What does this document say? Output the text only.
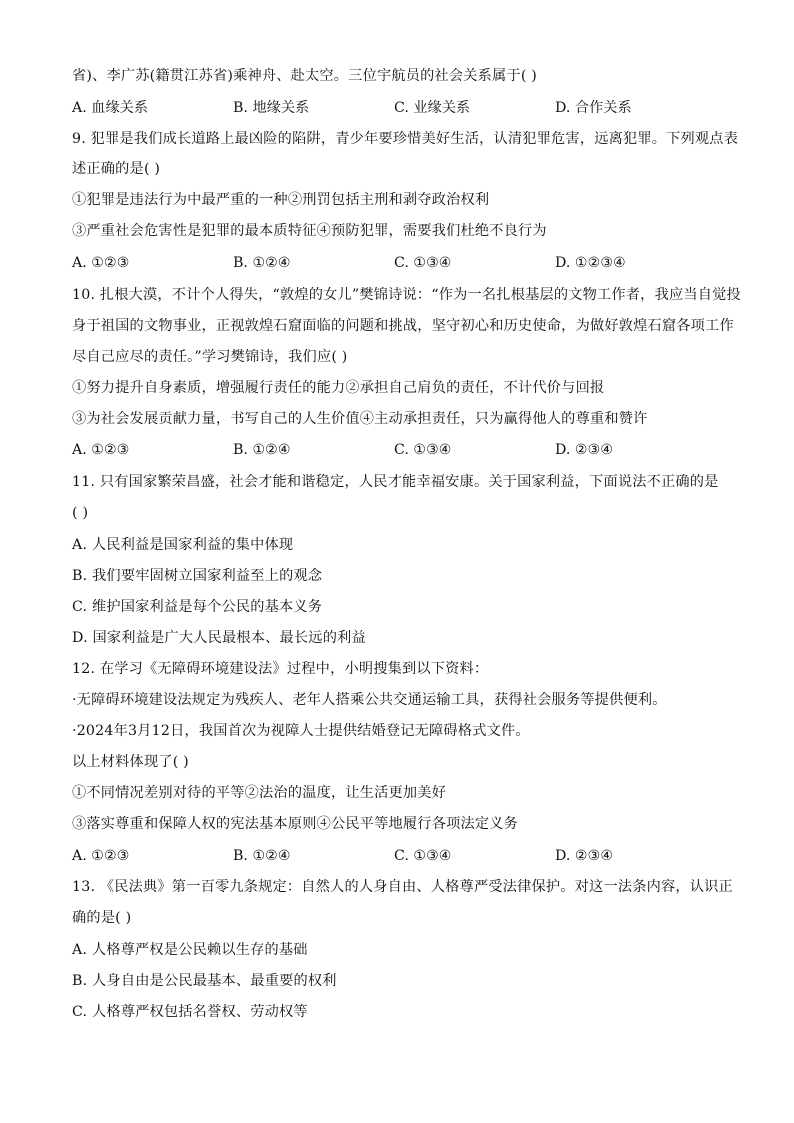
省)、李广苏(籍贯江苏省)乘神舟、赴太空。三位宇航员的社会关系属于( )
A. 血缘关系	B. 地缘关系	C. 业缘关系	D. 合作关系
9. 犯罪是我们成长道路上最凶险的陷阱，青少年要珍惜美好生活，认清犯罪危害，远离犯罪。下列观点表
述正确的是( )
①犯罪是违法行为中最严重的一种②刑罚包括主刑和剥夺政治权利
③严重社会危害性是犯罪的最本质特征④预防犯罪，需要我们杜绝不良行为
A. ①②③	B. ①②④	C. ①③④	D. ①②③④
10. 扎根大漠，不计个人得失，“敦煌的女儿”樊锦诗说：“作为一名扎根基层的文物工作者，我应当自觉投
身于祖国的文物事业，正视敦煌石窟面临的问题和挑战，坚守初心和历史使命，为做好敦煌石窟各项工作
尽自己应尽的责任。”学习樊锦诗，我们应( )
①努力提升自身素质，增强履行责任的能力②承担自己肩负的责任，不计代价与回报
③为社会发展贡献力量，书写自己的人生价值④主动承担责任，只为赢得他人的尊重和赞许
A. ①②③	B. ①②④	C. ①③④	D. ②③④
11. 只有国家繁荣昌盛，社会才能和谐稳定，人民才能幸福安康。关于国家利益，下面说法不正确的是
( )
A. 人民利益是国家利益的集中体现
B. 我们要牢固树立国家利益至上的观念
C. 维护国家利益是每个公民的基本义务
D. 国家利益是广大人民最根本、最长远的利益
12. 在学习《无障碍环境建设法》过程中，小明搜集到以下资料：
·无障碍环境建设法规定为残疾人、老年人搭乘公共交通运输工具，获得社会服务等提供便利。
·2024年3月12日，我国首次为视障人士提供结婚登记无障碍格式文件。
以上材料体现了( )
①不同情况差别对待的平等②法治的温度，让生活更加美好
③落实尊重和保障人权的宪法基本原则④公民平等地履行各项法定义务
A. ①②③	B. ①②④	C. ①③④	D. ②③④
13. 《民法典》第一百零九条规定：自然人的人身自由、人格尊严受法律保护。对这一法条内容，认识正
确的是( )
A. 人格尊严权是公民赖以生存的基础
B. 人身自由是公民最基本、最重要的权利
C. 人格尊严权包括名誉权、劳动权等
